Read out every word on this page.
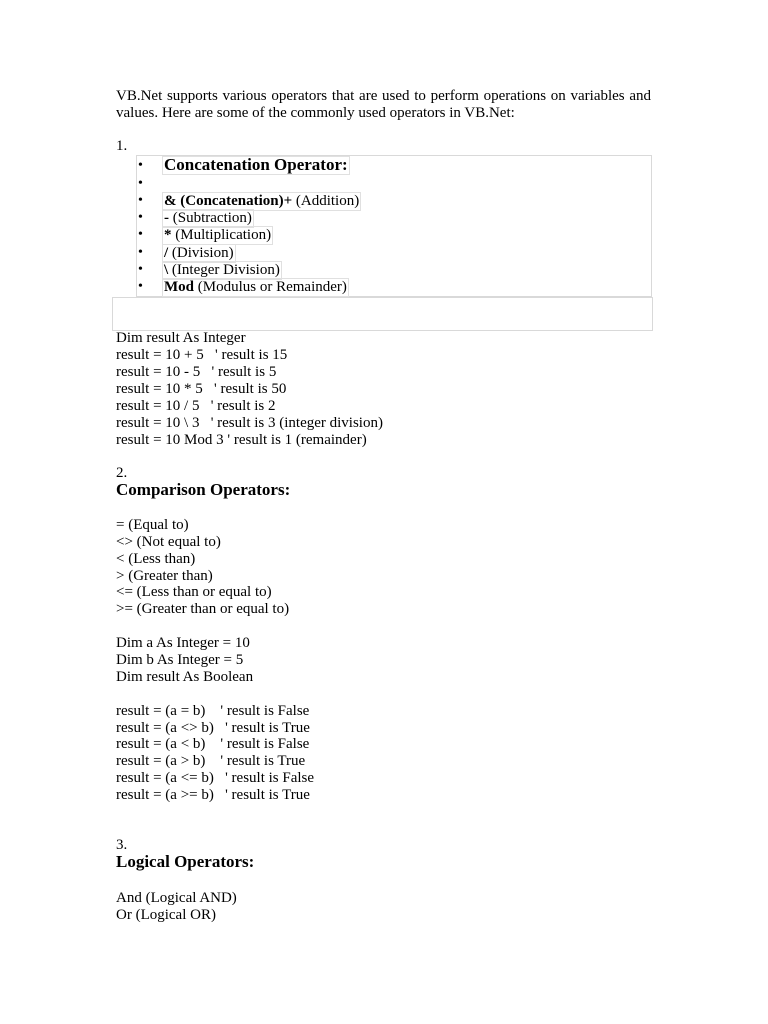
VB.Net supports various operators that are used to perform operations on variables and values. Here are some of the commonly used operators in VB.Net:
1.
• Concatenation Operator:
•
• & (Concatenation)+ (Addition)
• - (Subtraction)
• * (Multiplication)
• / (Division)
• \ (Integer Division)
• Mod (Modulus or Remainder)
Dim result As Integer
result = 10 + 5   ' result is 15
result = 10 - 5   ' result is 5
result = 10 * 5   ' result is 50
result = 10 / 5   ' result is 2
result = 10 \ 3   ' result is 3 (integer division)
result = 10 Mod 3 ' result is 1 (remainder)
2.
Comparison Operators:
= (Equal to)
<> (Not equal to)
< (Less than)
> (Greater than)
<= (Less than or equal to)
>= (Greater than or equal to)
Dim a As Integer = 10
Dim b As Integer = 5
Dim result As Boolean
result = (a = b)    ' result is False
result = (a <> b)   ' result is True
result = (a < b)    ' result is False
result = (a > b)    ' result is True
result = (a <= b)   ' result is False
result = (a >= b)   ' result is True
3.
Logical Operators:
And (Logical AND)
Or (Logical OR)
